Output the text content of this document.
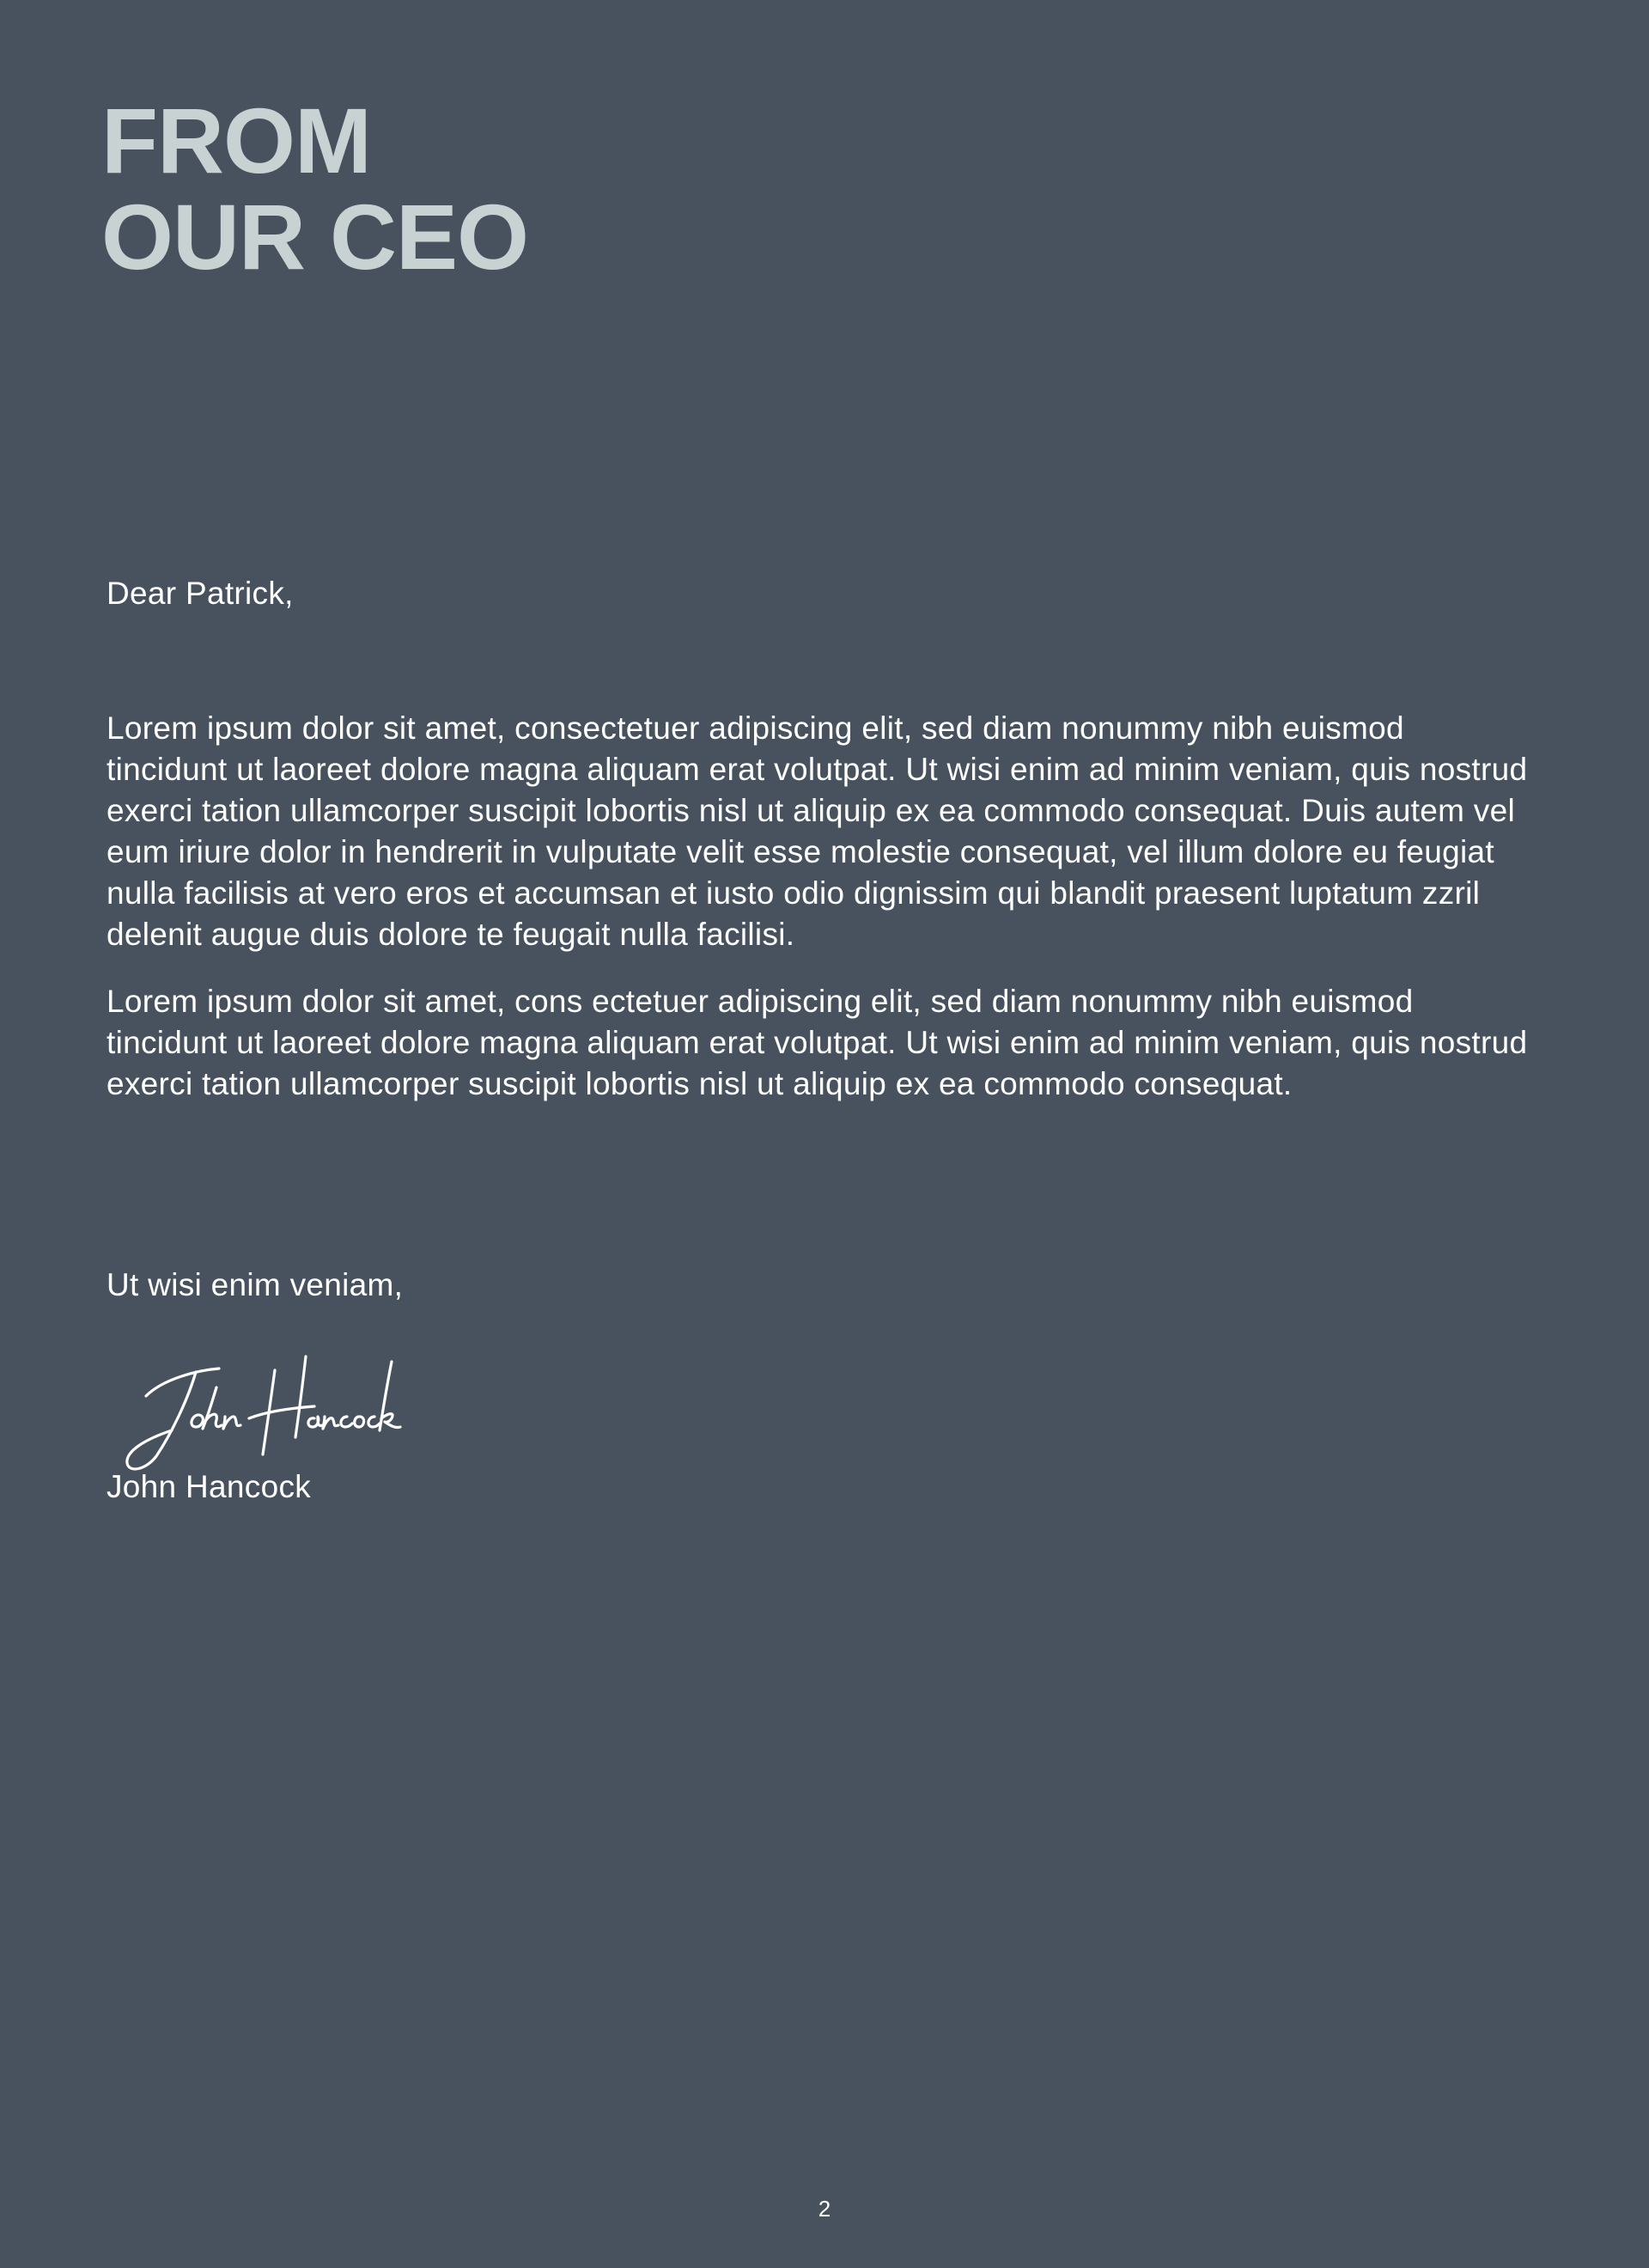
FROM
OUR CEO

Dear Patrick,

Lorem ipsum dolor sit amet, consectetuer adipiscing elit, sed diam nonummy nibh euismod tincidunt ut laoreet dolore magna aliquam erat volutpat. Ut wisi enim ad minim veniam, quis nostrud exerci tation ullamcorper suscipit lobortis nisl ut aliquip ex ea commodo consequat. Duis autem vel eum iriure dolor in hendrerit in vulputate velit esse molestie consequat, vel illum dolore eu feugiat nulla facilisis at vero eros et accumsan et iusto odio dignissim qui blandit praesent luptatum zzril delenit augue duis dolore te feugait nulla facilisi.

Lorem ipsum dolor sit amet, cons ectetuer adipiscing elit, sed diam nonummy nibh euismod tincidunt ut laoreet dolore magna aliquam erat volutpat. Ut wisi enim ad minim veniam, quis nostrud exerci tation ullamcorper suscipit lobortis nisl ut aliquip ex ea commodo consequat.

Ut wisi enim veniam,

John Hancock

2
